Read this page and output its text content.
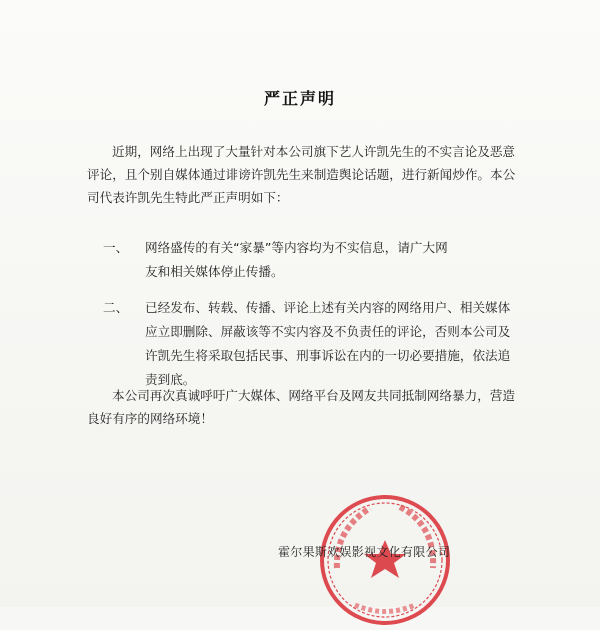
严正声明
近期，网络上出现了大量针对本公司旗下艺人许凯先生的不实言论及恶意评论，且个别自媒体通过诽谤许凯先生来制造舆论话题，进行新闻炒作。本公司代表许凯先生特此严正声明如下：
一、	网络盛传的有关“家暴”等内容均为不实信息，请广大网友和相关媒体停止传播。
二、	已经发布、转载、传播、评论上述有关内容的网络用户、相关媒体应立即删除、屏蔽该等不实内容及不负责任的评论，否则本公司及许凯先生将采取包括民事、刑事诉讼在内的一切必要措施，依法追责到底。
本公司再次真诚呼吁广大媒体、网络平台及网友共同抵制网络暴力，营造良好有序的网络环境！
霍尔果斯欢娱影视文化有限公司
